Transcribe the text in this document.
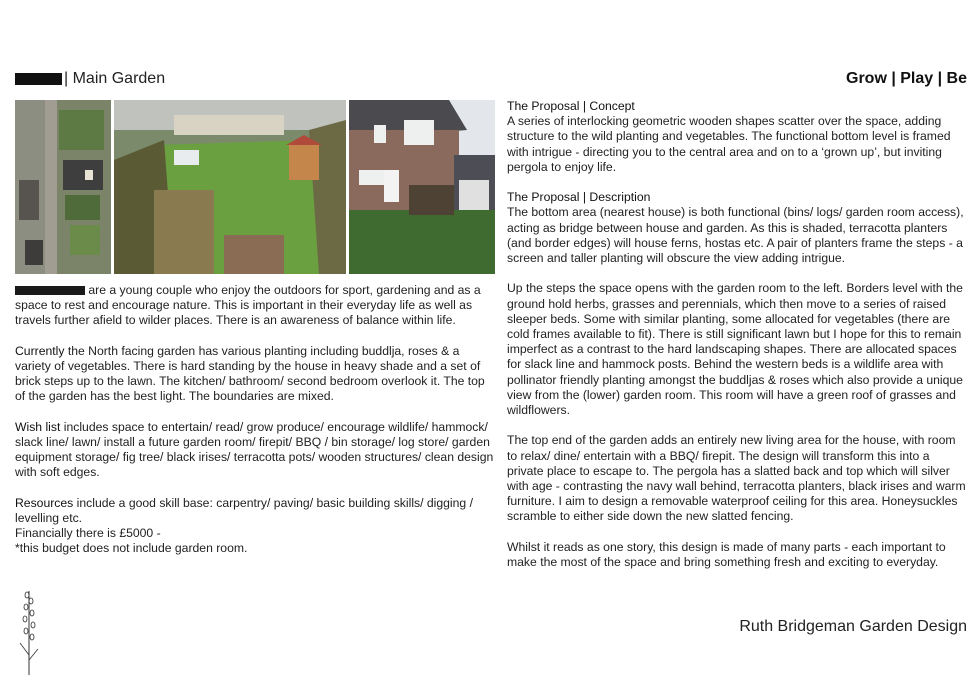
| Main Garden	Grow | Play | Be

are a young couple who enjoy the outdoors for sport, gardening and as a space to rest and encourage nature. This is important in their everyday life as well as travels further afield to wilder places. There is an awareness of balance within life.

Currently the North facing garden has various planting including buddlja, roses & a variety of vegetables. There is hard standing by the house in heavy shade and a set of brick steps up to the lawn. The kitchen/ bathroom/ second bedroom overlook it. The top of the garden has the best light. The boundaries are mixed.

Wish list includes space to entertain/ read/ grow produce/ encourage wildlife/ hammock/ slack line/ lawn/ install a future garden room/ firepit/ BBQ / bin storage/ log store/ garden equipment storage/ fig tree/ black irises/ terracotta pots/ wooden structures/ clean design with soft edges.

Resources include a good skill base: carpentry/ paving/ basic building skills/ digging / levelling etc.
Financially there is £5000 -
*this budget does not include garden room.

The Proposal | Concept
A series of interlocking geometric wooden shapes scatter over the space, adding structure to the wild planting and vegetables. The functional bottom level is framed with intrigue - directing you to the central area and on to a ‘grown up’, but inviting pergola to enjoy life.

The Proposal | Description
The bottom area (nearest house) is both functional (bins/ logs/ garden room access), acting as bridge between house and garden. As this is shaded, terracotta planters (and border edges) will house ferns, hostas etc. A pair of planters frame the steps - a screen and taller planting will obscure the view adding intrigue.

Up the steps the space opens with the garden room to the left. Borders level with the ground hold herbs, grasses and perennials, which then move to a series of raised sleeper beds. Some with similar planting, some allocated for vegetables (there are cold frames available to fit). There is still significant lawn but I hope for this to remain imperfect as a contrast to the hard landscaping shapes. There are allocated spaces for slack line and hammock posts. Behind the western beds is a wildlife area with pollinator friendly planting amongst the buddljas & roses which also provide a unique view from the (lower) garden room. This room will have a green roof of grasses and wildflowers.

The top end of the garden adds an entirely new living area for the house, with room to relax/ dine/ entertain with a BBQ/ firepit. The design will transform this into a private place to escape to. The pergola has a slatted back and top which will silver with age - contrasting the navy wall behind, terracotta planters, black irises and warm furniture. I aim to design a removable waterproof ceiling for this area. Honeysuckles scramble to either side down the new slatted fencing.

Whilst it reads as one story, this design is made of many parts - each important to make the most of the space and bring something fresh and exciting to everyday.

Ruth Bridgeman Garden Design
